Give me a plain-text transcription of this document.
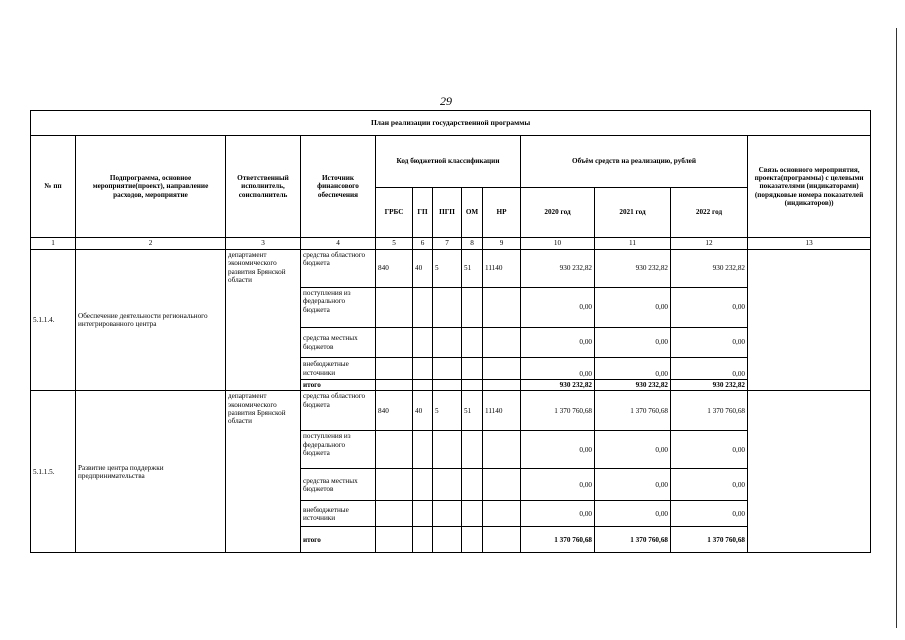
29
План реализации государственной программы												
№ пп	Подпрограмма, основное мероприятие(проект), направление расходов, мероприятие	Ответственный исполнитель, соисполнитель	Источник финансового обеспечения	Код бюджетной классификации					Объём средств на реализацию, рублей			Связь основного мероприятия, проекта(программы) с целевыми показателями (индикаторами) (порядковые номера показателей (индикаторов))
				ГРБС	ГП	ПГП	ОМ	НР	2020 год	2021 год	2022 год	
1	2	3	4	5	6	7	8	9	10	11	12	13
5.1.1.4.	Обеспечение деятельности регионального интегрированного центра	департамент экономического развития Брянской области	средства областного бюджета	840	40	5	51	11140	930 232,82	930 232,82	930 232,82	
			поступления из федерального бюджета						0,00	0,00	0,00	
			средства местных бюджетов						0,00	0,00	0,00	
			внебюджетные источники						0,00	0,00	0,00	
			итого						930 232,82	930 232,82	930 232,82	
5.1.1.5.	Развитие центра поддержки предпринимательства	департамент экономического развития Брянской области	средства областного бюджета	840	40	5	51	11140	1 370 760,68	1 370 760,68	1 370 760,68	
			поступления из федерального бюджета						0,00	0,00	0,00	
			средства местных бюджетов						0,00	0,00	0,00	
			внебюджетные источники						0,00	0,00	0,00	
			итого						1 370 760,68	1 370 760,68	1 370 760,68	
